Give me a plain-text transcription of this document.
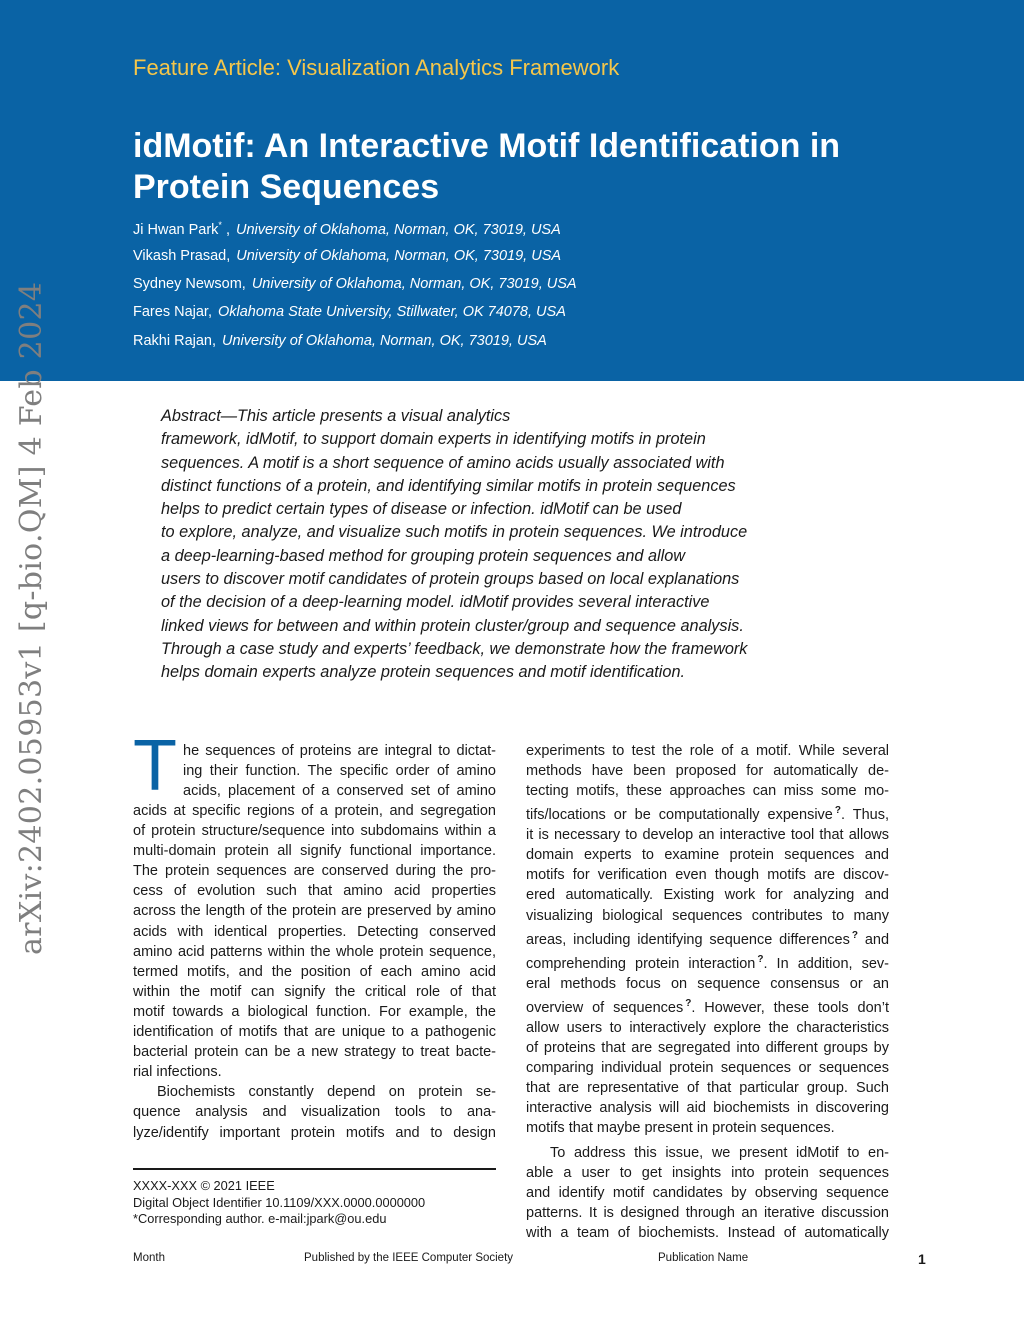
Feature Article: Visualization Analytics Framework
idMotif: An Interactive Motif Identification in
Protein Sequences
Ji Hwan Park* , University of Oklahoma, Norman, OK, 73019, USA
Vikash Prasad, University of Oklahoma, Norman, OK, 73019, USA
Sydney Newsom, University of Oklahoma, Norman, OK, 73019, USA
Fares Najar, Oklahoma State University, Stillwater, OK 74078, USA
Rakhi Rajan, University of Oklahoma, Norman, OK, 73019, USA
arXiv:2402.05953v1 [q-bio.QM] 4 Feb 2024	Abstract—This article presents a visual analytics
framework, idMotif, to support domain experts in identifying motifs in protein
sequences. A motif is a short sequence of amino acids usually associated with
distinct functions of a protein, and identifying similar motifs in protein sequences
helps to predict certain types of disease or infection. idMotif can be used
to explore, analyze, and visualize such motifs in protein sequences. We introduce
a deep-learning-based method for grouping protein sequences and allow
users to discover motif candidates of protein groups based on local explanations
of the decision of a deep-learning model. idMotif provides several interactive
linked views for between and within protein cluster/group and sequence analysis.
Through a case study and experts’ feedback, we demonstrate how the framework
helps domain experts analyze protein sequences and motif identification.
T he sequences of proteins are integral to dictat-
ing their function. The specific order of amino
acids, placement of a conserved set of amino
acids at specific regions of a protein, and segregation
of protein structure/sequence into subdomains within a
multi-domain protein all signify functional importance.
The protein sequences are conserved during the pro-
cess of evolution such that amino acid properties
across the length of the protein are preserved by amino
acids with identical properties. Detecting conserved
amino acid patterns within the whole protein sequence,
termed motifs, and the position of each amino acid
within the motif can signify the critical role of that
motif towards a biological function. For example, the
identification of motifs that are unique to a pathogenic
bacterial protein can be a new strategy to treat bacte-
rial infections.
Biochemists constantly depend on protein se-
quence analysis and visualization tools to ana-
lyze/identify important protein motifs and to design
XXXX-XXX © 2021 IEEE
Digital Object Identifier 10.1109/XXX.0000.0000000
*Corresponding author. e-mail:jpark@ou.edu
experiments to test the role of a motif. While several
methods have been proposed for automatically de-
tecting motifs, these approaches can miss some mo-
tifs/locations or be computationally expensive ?. Thus,
it is necessary to develop an interactive tool that allows
domain experts to examine protein sequences and
motifs for verification even though motifs are discov-
ered automatically. Existing work for analyzing and
visualizing biological sequences contributes to many
areas, including identifying sequence differences ? and
comprehending protein interaction ?. In addition, sev-
eral methods focus on sequence consensus or an
overview of sequences ?. However, these tools don’t
allow users to interactively explore the characteristics
of proteins that are segregated into different groups by
comparing individual protein sequences or sequences
that are representative of that particular group. Such
interactive analysis will aid biochemists in discovering
motifs that maybe present in protein sequences.
To address this issue, we present idMotif to en-
able a user to get insights into protein sequences
and identify motif candidates by observing sequence
patterns. It is designed through an iterative discussion
with a team of biochemists. Instead of automatically
Month	Published by the IEEE Computer Society	Publication Name	1
